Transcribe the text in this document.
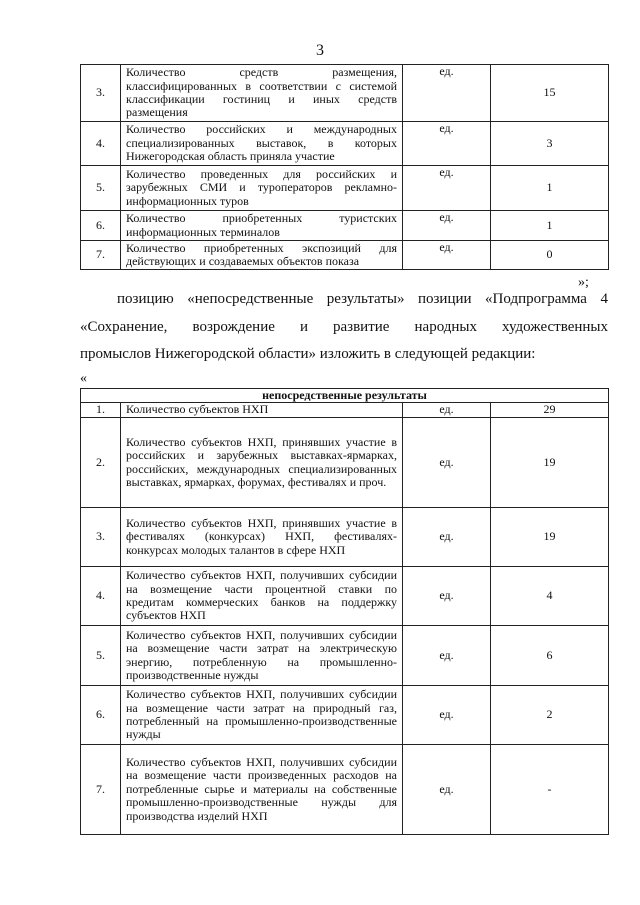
3
3.	Количество средств размещения, классифицированных в соответствии с системой классификации гостиниц и иных средств размещения	ед.	15
4.	Количество российских и международных специализированных выставок, в которых Нижегородская область приняла участие	ед.	3
5.	Количество проведенных для российских и зарубежных СМИ и туроператоров рекламно-информационных туров	ед.	1
6.	Количество приобретенных туристских информационных терминалов	ед.	1
7.	Количество приобретенных экспозиций для действующих и создаваемых объектов показа	ед.	0
»;
позицию «непосредственные результаты» позиции «Подпрограмма 4
«Сохранение, возрождение и развитие народных художественных
промыслов Нижегородской области» изложить в следующей редакции:
«
непосредственные результаты			
1.	Количество субъектов НХП	ед.	29
2.	Количество субъектов НХП, принявших участие в российских и зарубежных выставках-ярмарках, российских, международных специализированных выставках, ярмарках, форумах, фестивалях и проч.	ед.	19
3.	Количество субъектов НХП, принявших участие в фестивалях (конкурсах) НХП, фестивалях-конкурсах молодых талантов в сфере НХП	ед.	19
4.	Количество субъектов НХП, получивших субсидии на возмещение части процентной ставки по кредитам коммерческих банков на поддержку субъектов НХП	ед.	4
5.	Количество субъектов НХП, получивших субсидии на возмещение части затрат на электрическую энергию, потребленную на промышленно-производственные нужды	ед.	6
6.	Количество субъектов НХП, получивших субсидии на возмещение части затрат на природный газ, потребленный на промышленно-производственные нужды	ед.	2
7.	Количество субъектов НХП, получивших субсидии на возмещение части произведенных расходов на потребленные сырье и материалы на собственные промышленно-производственные нужды для производства изделий НХП	ед.	-
